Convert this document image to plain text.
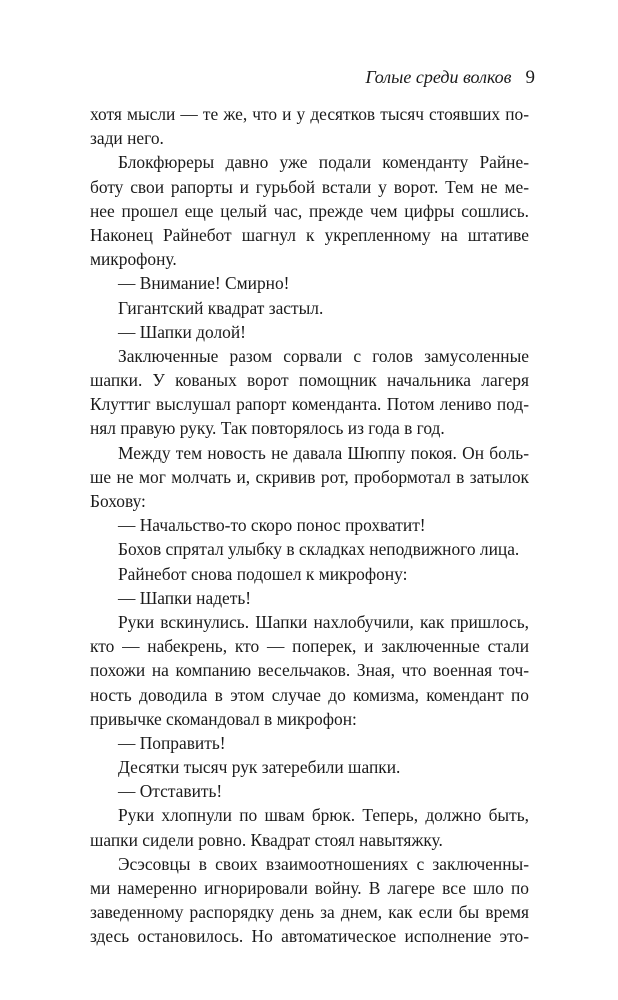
Голые среди волков 9
хотя мысли — те же, что и у десятков тысяч стоявших по-
зади него.
Блокфюреры давно уже подали коменданту Райне-
боту свои рапорты и гурьбой встали у ворот. Тем не ме-
нее прошел еще целый час, прежде чем цифры сошлись.
Наконец Райнебот шагнул к укрепленному на штативе
микрофону.
— Внимание! Смирно!
Гигантский квадрат застыл.
— Шапки долой!
Заключенные разом сорвали с голов замусоленные
шапки. У кованых ворот помощник начальника лагеря
Клуттиг выслушал рапорт коменданта. Потом лениво под-
нял правую руку. Так повторялось из года в год.
Между тем новость не давала Шюппу покоя. Он боль-
ше не мог молчать и, скривив рот, пробормотал в затылок
Бохову:
— Начальство-то скоро понос прохватит!
Бохов спрятал улыбку в складках неподвижного лица.
Райнебот снова подошел к микрофону:
— Шапки надеть!
Руки вскинулись. Шапки нахлобучили, как пришлось,
кто — набекрень, кто — поперек, и заключенные стали
похожи на компанию весельчаков. Зная, что военная точ-
ность доводила в этом случае до комизма, комендант по
привычке скомандовал в микрофон:
— Поправить!
Десятки тысяч рук затеребили шапки.
— Отставить!
Руки хлопнули по швам брюк. Теперь, должно быть,
шапки сидели ровно. Квадрат стоял навытяжку.
Эсэсовцы в своих взаимоотношениях с заключенны-
ми намеренно игнорировали войну. В лагере все шло по
заведенному распорядку день за днем, как если бы время
здесь остановилось. Но автоматическое исполнение это-
